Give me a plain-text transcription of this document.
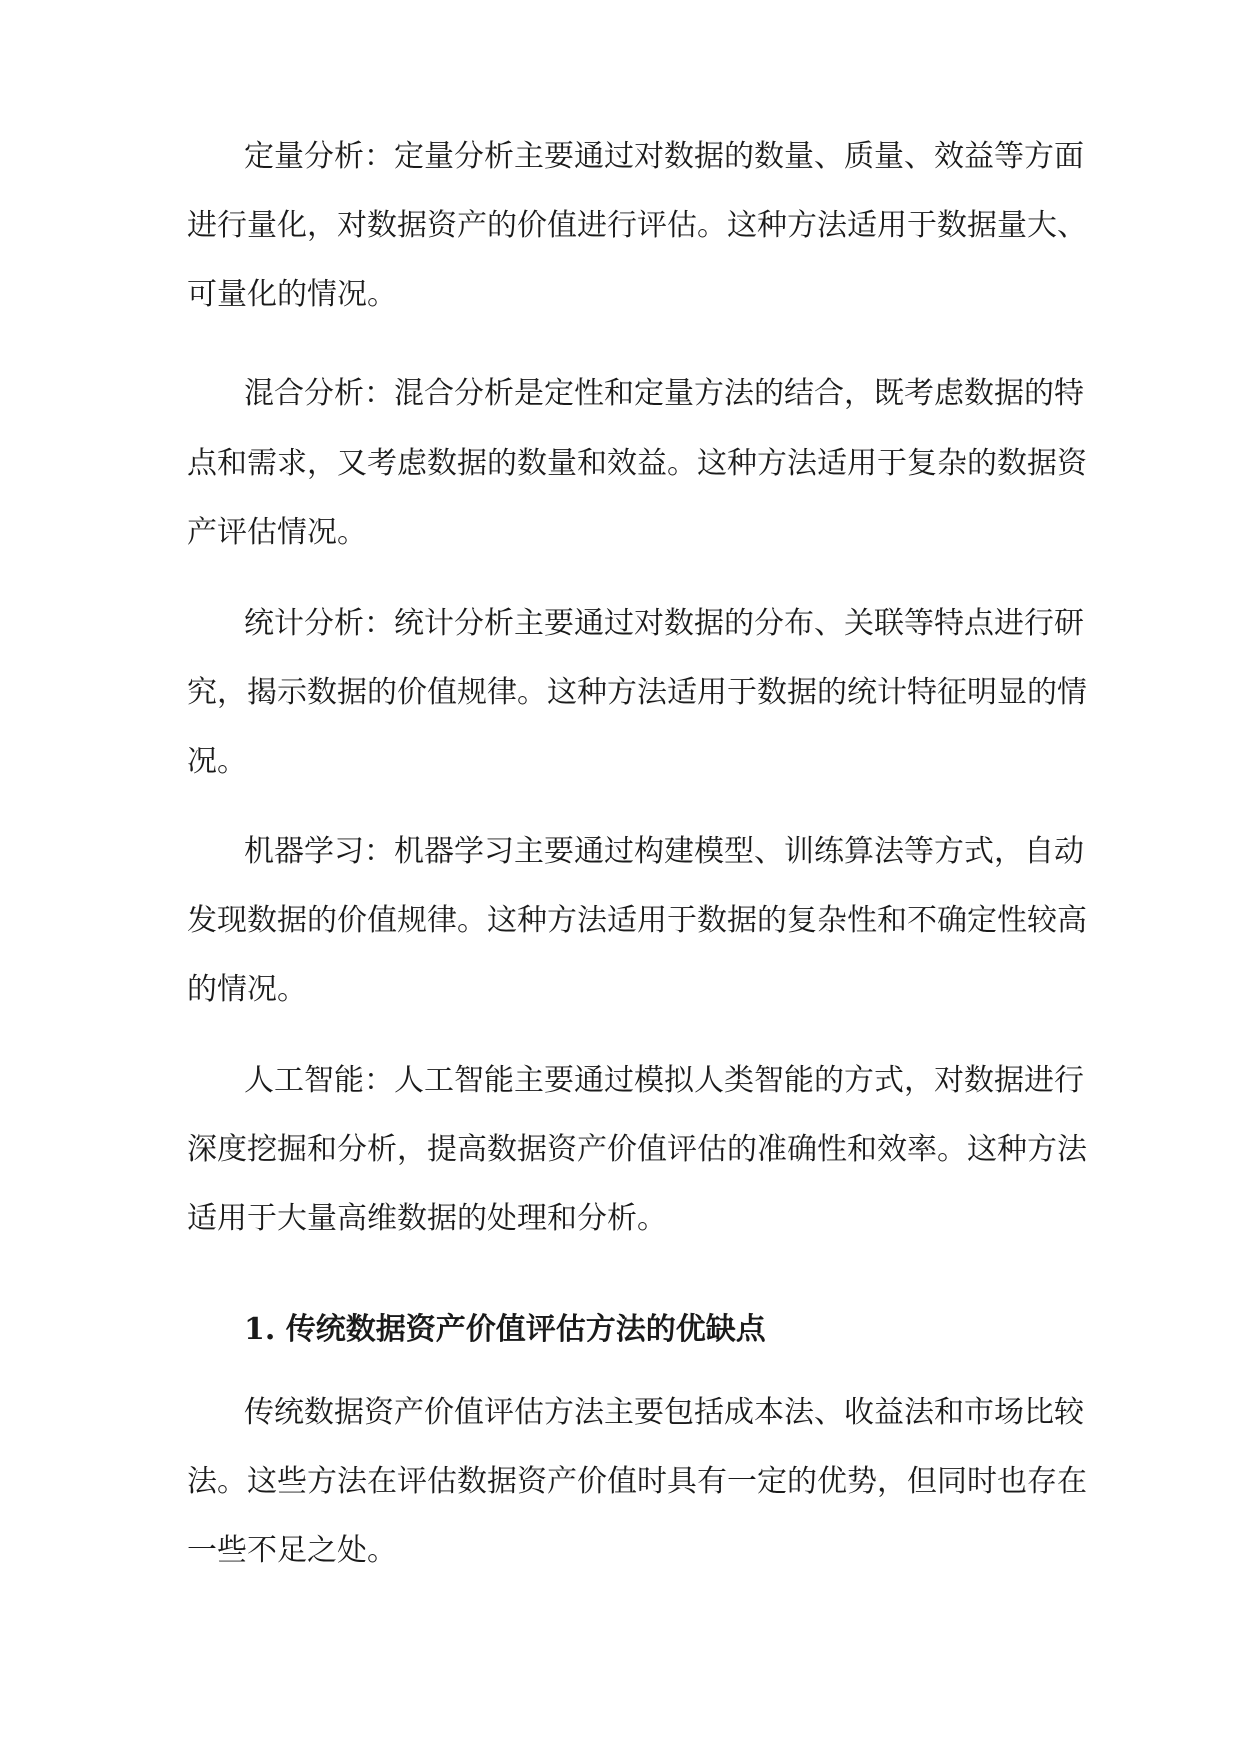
定量分析：定量分析主要通过对数据的数量、质量、效益等方面

进行量化，对数据资产的价值进行评估。这种方法适用于数据量大、

可量化的情况。

混合分析：混合分析是定性和定量方法的结合，既考虑数据的特

点和需求，又考虑数据的数量和效益。这种方法适用于复杂的数据资

产评估情况。

统计分析：统计分析主要通过对数据的分布、关联等特点进行研

究，揭示数据的价值规律。这种方法适用于数据的统计特征明显的情

况。

机器学习：机器学习主要通过构建模型、训练算法等方式，自动

发现数据的价值规律。这种方法适用于数据的复杂性和不确定性较高

的情况。

人工智能：人工智能主要通过模拟人类智能的方式，对数据进行

深度挖掘和分析，提高数据资产价值评估的准确性和效率。这种方法

适用于大量高维数据的处理和分析。

1. 传统数据资产价值评估方法的优缺点

传统数据资产价值评估方法主要包括成本法、收益法和市场比较

法。这些方法在评估数据资产价值时具有一定的优势，但同时也存在

一些不足之处。
